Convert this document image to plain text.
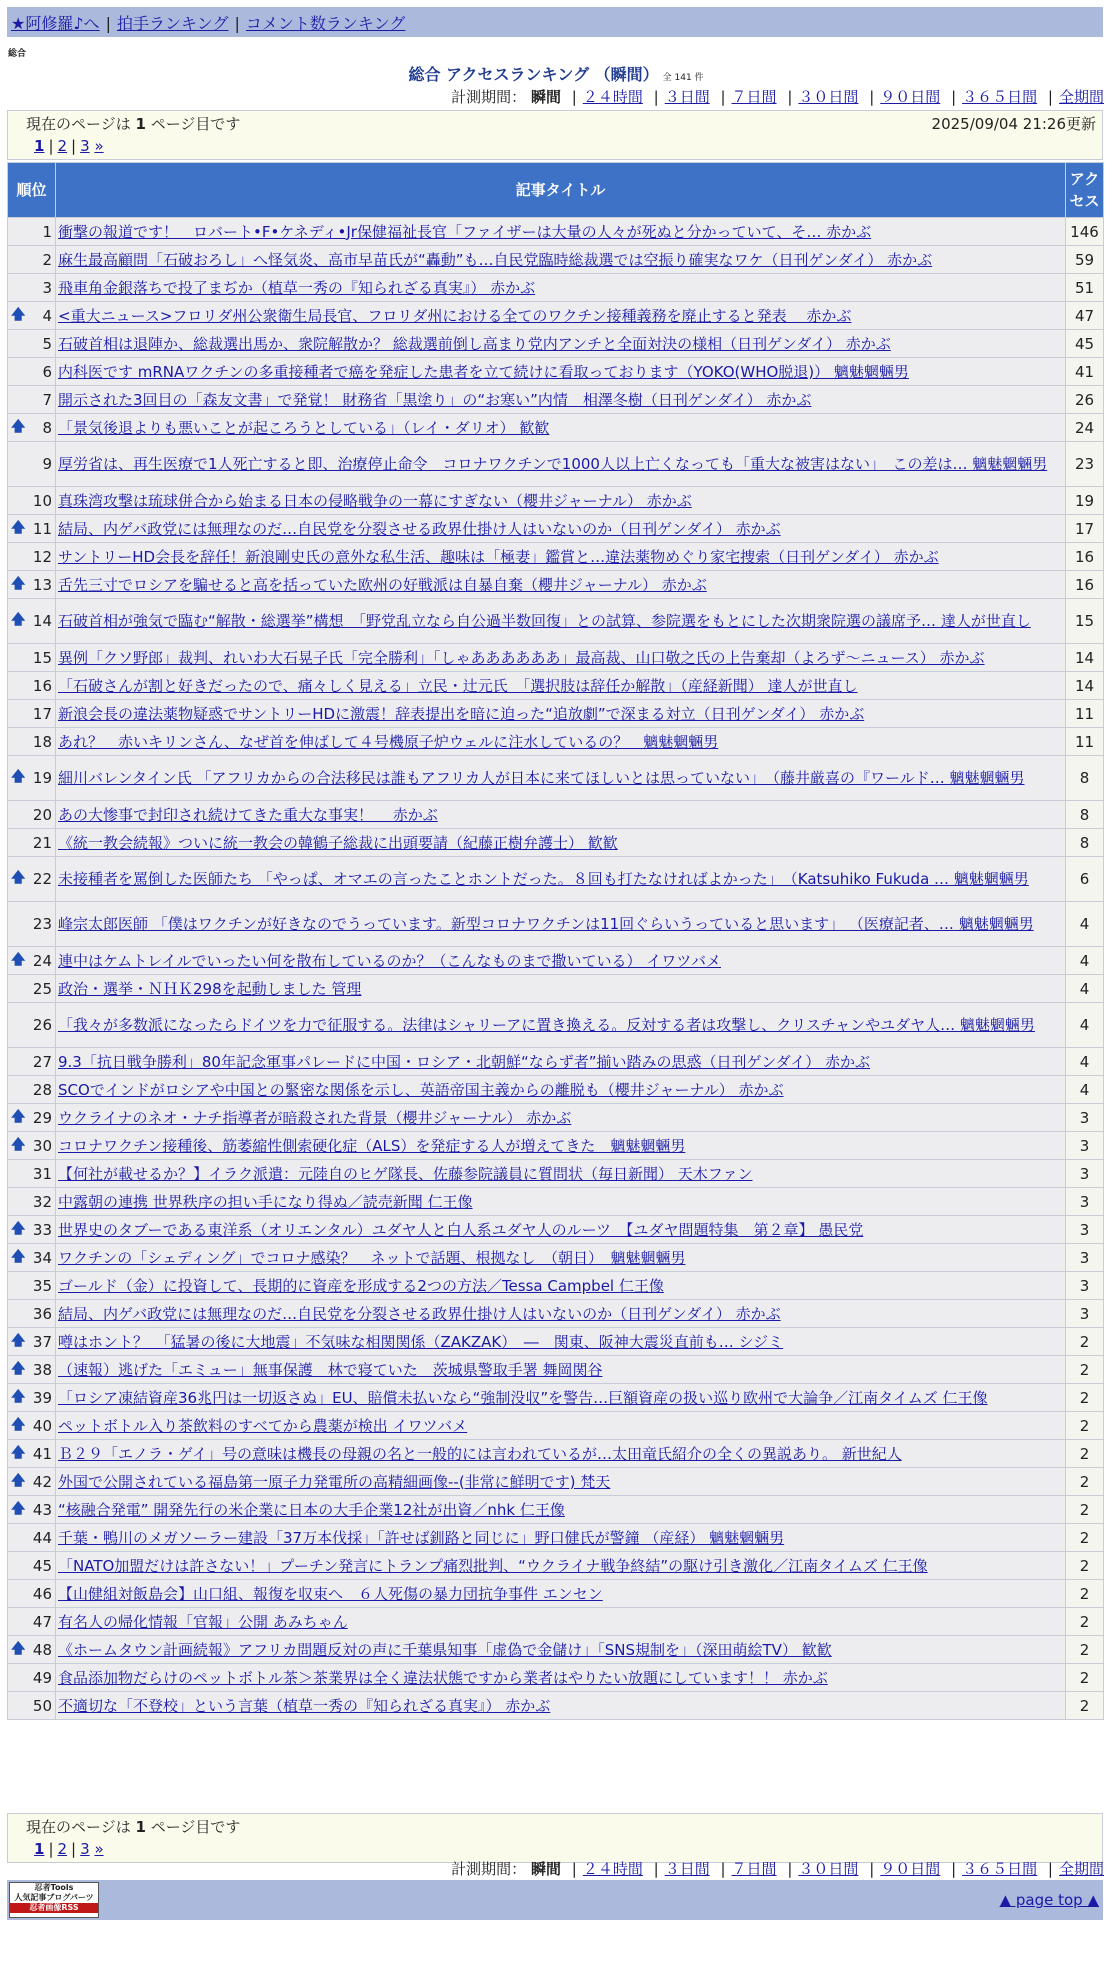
★阿修羅♪へ | 拍手ランキング | コメント数ランキング
総合
総合 アクセスランキング （瞬間） 全 141 件
計測期間： 瞬間 | ２４時間 | ３日間 | ７日間 | ３０日間 | ９０日間 | ３６５日間 | 全期間
現在のページは 1 ページ目です	2025/09/04 21:26更新
1 | 2 | 3 »
順位	記事タイトル	アクセス
1	衝撃の報道です！　ロバート•F•ケネディ•Jr保健福祉長官「ファイザーは大量の人々が死ぬと分かっていて、そ… 赤かぶ	146
2	麻生最高顧問「石破おろし」へ怪気炎、高市早苗氏が“轟動”も…自民党臨時総裁選では空振り確実なワケ（日刊ゲンダイ） 赤かぶ	59
3	飛車角金銀落ちで投了まぢか（植草一秀の『知られざる真実』） 赤かぶ	51

🡅 4	<重大ニュース>フロリダ州公衆衛生局長官、フロリダ州における全てのワクチン接種義務を廃止すると発表　 赤かぶ	47
5	石破首相は退陣か、総裁選出馬か、衆院解散か？ 総裁選前倒し高まり党内アンチと全面対決の様相（日刊ゲンダイ） 赤かぶ	45
6	内科医です mRNAワクチンの多重接種者で癌を発症した患者を立て続けに看取っております（YOKO(WHO脱退)） 魑魅魍魎男	41
7	開示された3回目の「森友文書」で発覚！ 財務省「黒塗り」の“お寒い”内情　相澤冬樹（日刊ゲンダイ） 赤かぶ	26

🡅 8	「景気後退よりも悪いことが起ころうとしている」（レイ・ダリオ） 歓歓	24
9	厚労省は、再生医療で1人死亡すると即、治療停止命令　コロナワクチンで1000人以上亡くなっても「重大な被害はない」　この差は… 魑魅魍魎男	23
10	真珠湾攻撃は琉球併合から始まる日本の侵略戦争の一幕にすぎない（櫻井ジャーナル） 赤かぶ	19

🡅 11	結局、内ゲバ政党には無理なのだ…自民党を分裂させる政界仕掛け人はいないのか（日刊ゲンダイ） 赤かぶ	17
12	サントリーHD会長を辞任！新浪剛史氏の意外な私生活、趣味は「極妻」鑑賞と…違法薬物めぐり家宅捜索（日刊ゲンダイ） 赤かぶ	16

🡅 13	舌先三寸でロシアを騙せると高を括っていた欧州の好戦派は自暴自棄（櫻井ジャーナル） 赤かぶ	16

🡅 14	石破首相が強気で臨む“解散・総選挙”構想　「野党乱立なら自公過半数回復」との試算、参院選をもとにした次期衆院選の議席予… 達人が世直し	15
15	異例「クソ野郎」裁判、れいわ大石晃子氏「完全勝利」「しゃああああああ」最高裁、山口敬之氏の上告棄却（よろず〜ニュース） 赤かぶ	14
16	「石破さんが割と好きだったので、痛々しく見える」立民・辻元氏　「選択肢は辞任か解散」（産経新聞） 達人が世直し	14
17	新浪会長の違法薬物疑惑でサントリーHDに激震！辞表提出を暗に迫った“追放劇”で深まる対立（日刊ゲンダイ） 赤かぶ	11
18	あれ？　赤いキリンさん、なぜ首を伸ばして４号機原子炉ウェルに注水しているの？　魑魅魍魎男	11

🡅 19	細川バレンタイン氏 「アフリカからの合法移民は誰もアフリカ人が日本に来てほしいとは思っていない」　（藤井厳喜の『ワールド… 魑魅魍魎男	8
20	あの大惨事で封印され続けてきた重大な事実！　 赤かぶ	8
21	《統一教会続報》ついに統一教会の韓鶴子総裁に出頭要請（紀藤正樹弁護士） 歓歓	8

🡅 22	未接種者を罵倒した医師たち 「やっぱ、オマエの言ったことホントだった。８回も打たなければよかった」　（Katsuhiko Fukuda … 魑魅魍魎男	6
23	峰宗太郎医師 「僕はワクチンが好きなのでうっています。新型コロナワクチンは11回ぐらいうっていると思います」 （医療記者、… 魑魅魍魎男	4

🡅 24	連中はケムトレイルでいったい何を散布しているのか？（こんなものまで撒いている） イワツバメ	4
25	政治・選挙・ＮＨＫ298を起動しました 管理	4
26	「我々が多数派になったらドイツを力で征服する。法律はシャリーアに置き換える。反対する者は攻撃し、クリスチャンやユダヤ人… 魑魅魍魎男	4
27	9.3「抗日戦争勝利」80年記念軍事パレードに中国・ロシア・北朝鮮“ならず者”揃い踏みの思惑（日刊ゲンダイ） 赤かぶ	4
28	SCOでインドがロシアや中国との緊密な関係を示し、英語帝国主義からの離脱も（櫻井ジャーナル） 赤かぶ	4

🡅 29	ウクライナのネオ・ナチ指導者が暗殺された背景（櫻井ジャーナル） 赤かぶ	3

🡅 30	コロナワクチン接種後、筋萎縮性側索硬化症（ALS）を発症する人が増えてきた　魑魅魍魎男	3
31	【何社が載せるか？】イラク派遣：元陸自のヒゲ隊長、佐藤参院議員に質問状（毎日新聞） 天木ファン	3
32	中露朝の連携 世界秩序の担い手になり得ぬ／読売新聞 仁王像	3

🡅 33	世界史のタブーである東洋系（オリエンタル）ユダヤ人と白人系ユダヤ人のルーツ　【ユダヤ問題特集　第２章】 愚民党	3

🡅 34	ワクチンの「シェディング」でコロナ感染？　ネットで話題、根拠なし　（朝日）　魑魅魍魎男	3
35	ゴールド（金）に投資して、長期的に資産を形成する2つの方法／Tessa Campbel 仁王像	3
36	結局、内ゲバ政党には無理なのだ…自民党を分裂させる政界仕掛け人はいないのか（日刊ゲンダイ） 赤かぶ	3

🡅 37	噂はホント？　「猛暑の後に大地震」不気味な相関関係（ZAKZAK）　―　関東、阪神大震災直前も… シジミ	2

🡅 38	（速報）逃げた「エミュー」無事保護　林で寝ていた　茨城県警取手署 舞岡関谷	2

🡅 39	「ロシア凍結資産36兆円は一切返さぬ」EU、賠償未払いなら“強制没収”を警告…巨額資産の扱い巡り欧州で大論争／江南タイムズ 仁王像	2

🡅 40	ペットボトル入り茶飲料のすべてから農薬が検出 イワツバメ	2

🡅 41	Ｂ２９「エノラ・ゲイ」号の意味は機長の母親の名と一般的には言われているが…太田竜氏紹介の全くの異説あり。 新世紀人	2

🡅 42	外国で公開されている福島第一原子力発電所の高精細画像--(非常に鮮明です) 梵天	2

🡅 43	“核融合発電” 開発先行の米企業に日本の大手企業12社が出資／nhk 仁王像	2
44	千葉・鴨川のメガソーラー建設「37万本伐採」「許せば釧路と同じに」野口健氏が警鐘 （産経） 魑魅魍魎男	2
45	「NATO加盟だけは許さない！」プーチン発言にトランプ痛烈批判、“ウクライナ戦争終結”の駆け引き激化／江南タイムズ 仁王像	2
46	【山健組対飯島会】山口組、報復を収束へ　６人死傷の暴力団抗争事件 エンセン	2
47	有名人の帰化情報「官報」公開 あみちゃん	2

🡅 48	《ホームタウン計画続報》アフリカ問題反対の声に千葉県知事「虚偽で金儲け」「SNS規制を」（深田萌絵TV） 歓歓	2
49	食品添加物だらけのペットボトル茶＞茶業界は全く違法状態ですから業者はやりたい放題にしています！！ 赤かぶ	2
50	不適切な「不登校」という言葉（植草一秀の『知られざる真実』） 赤かぶ	2
現在のページは 1 ページ目です
1 | 2 | 3 »
計測期間： 瞬間 | ２４時間 | ３日間 | ７日間 | ３０日間 | ９０日間 | ３６５日間 | 全期間
忍者Tools
人気記事ブログパーツ
忍者画像RSS	▲ page top ▲
